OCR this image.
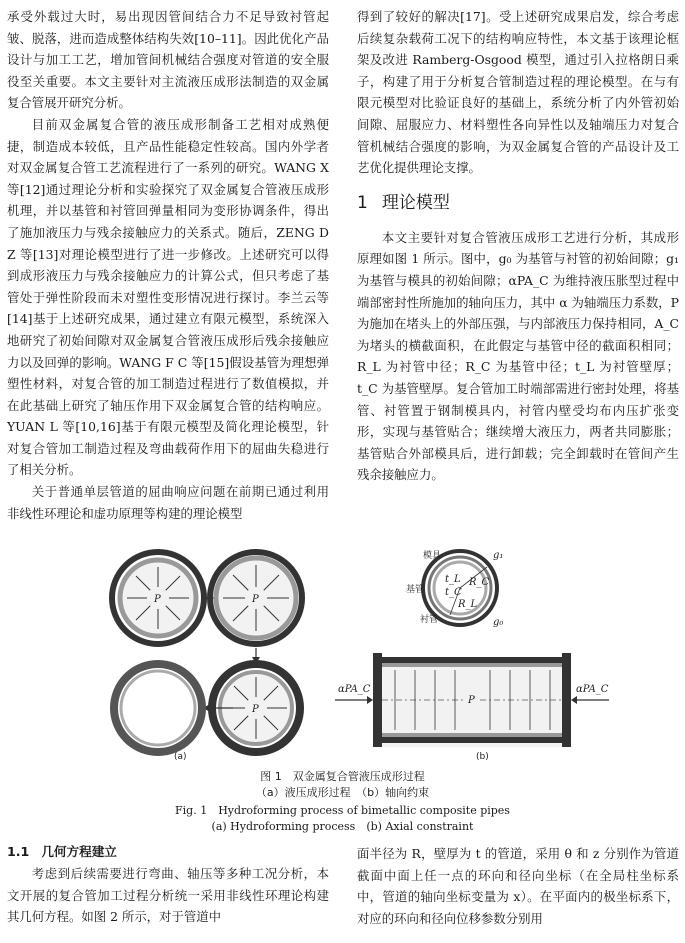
承受外载过大时，易出现因管间结合力不足导致衬管起皱、脱落，进而造成整体结构失效[10–11]。因此优化产品设计与加工工艺，增加管间机械结合强度对管道的安全服役至关重要。本文主要针对主流液压成形法制造的双金属复合管展开研究分析。

目前双金属复合管的液压成形制备工艺相对成熟便捷，制造成本较低，且产品性能稳定性较高。国内外学者对双金属复合管工艺流程进行了一系列的研究。WANG X 等[12]通过理论分析和实验探究了双金属复合管液压成形机理，并以基管和衬管回弹量相同为变形协调条件，得出了施加液压力与残余接触应力的关系式。随后，ZENG D Z 等[13]对理论模型进行了进一步修改。上述研究可以得到成形液压力与残余接触应力的计算公式，但只考虑了基管处于弹性阶段而未对塑性变形情况进行探讨。李兰云等[14]基于上述研究成果，通过建立有限元模型，系统深入地研究了初始间隙对双金属复合管液压成形后残余接触应力以及回弹的影响。WANG F C 等[15]假设基管为理想弹塑性材料，对复合管的加工制造过程进行了数值模拟，并在此基础上研究了轴压作用下双金属复合管的结构响应。YUAN L 等[10,16]基于有限元模型及简化理论模型，针对复合管加工制造过程及弯曲载荷作用下的屈曲失稳进行了相关分析。

关于普通单层管道的屈曲响应问题在前期已通过利用非线性环理论和虚功原理等构建的理论模型

得到了较好的解决[17]。受上述研究成果启发，综合考虑后续复杂载荷工况下的结构响应特性，本文基于该理论框架及改进 Ramberg-Osgood 模型，通过引入拉格朗日乘子，构建了用于分析复合管制造过程的理论模型。在与有限元模型对比验证良好的基础上，系统分析了内外管初始间隙、屈服应力、材料塑性各向异性以及轴端压力对复合管机械结合强度的影响，为双金属复合管的产品设计及工艺优化提供理论支撑。

1 理论模型

本文主要针对复合管液压成形工艺进行分析，其成形原理如图 1 所示。图中，g₀ 为基管与衬管的初始间隙；g₁ 为基管与模具的初始间隙；αPA_C 为维持液压胀型过程中端部密封性所施加的轴向压力，其中 α 为轴端压力系数，P 为施加在堵头上的外部压强，与内部液压力保持相同，A_C 为堵头的横截面积，在此假定与基管中径的截面积相同；R_L 为衬管中径；R_C 为基管中径；t_L 为衬管壁厚；t_C 为基管壁厚。复合管加工时端部需进行密封处理，将基管、衬管置于钢制模具内，衬管内壁受均布内压扩张变形，实现与基管贴合；继续增大液压力，两者共同膨胀；基管贴合外部模具后，进行卸载；完全卸载时在管间产生残余接触应力。

P	P
P
(a)
模具
基管
衬管
g₁
g₀
t_L
t_C
R_C
R_L
P
αPA_C	αPA_C
(b)
图 1　双金属复合管液压成形过程
（a）液压成形过程　（b）轴向约束
Fig. 1　Hydroforming process of bimetallic composite pipes
(a) Hydroforming process　(b) Axial constraint
1.1 几何方程建立

考虑到后续需要进行弯曲、轴压等多种工况分析，本文开展的复合管加工过程分析统一采用非线性环理论构建其几何方程。如图 2 所示，对于管道中

面半径为 R，壁厚为 t 的管道，采用 θ 和 z 分别作为管道截面中面上任一点的环向和径向坐标（在全局柱坐标系中，管道的轴向坐标变量为 x）。在平面内的极坐标系下，对应的环向和径向位移参数分别用
